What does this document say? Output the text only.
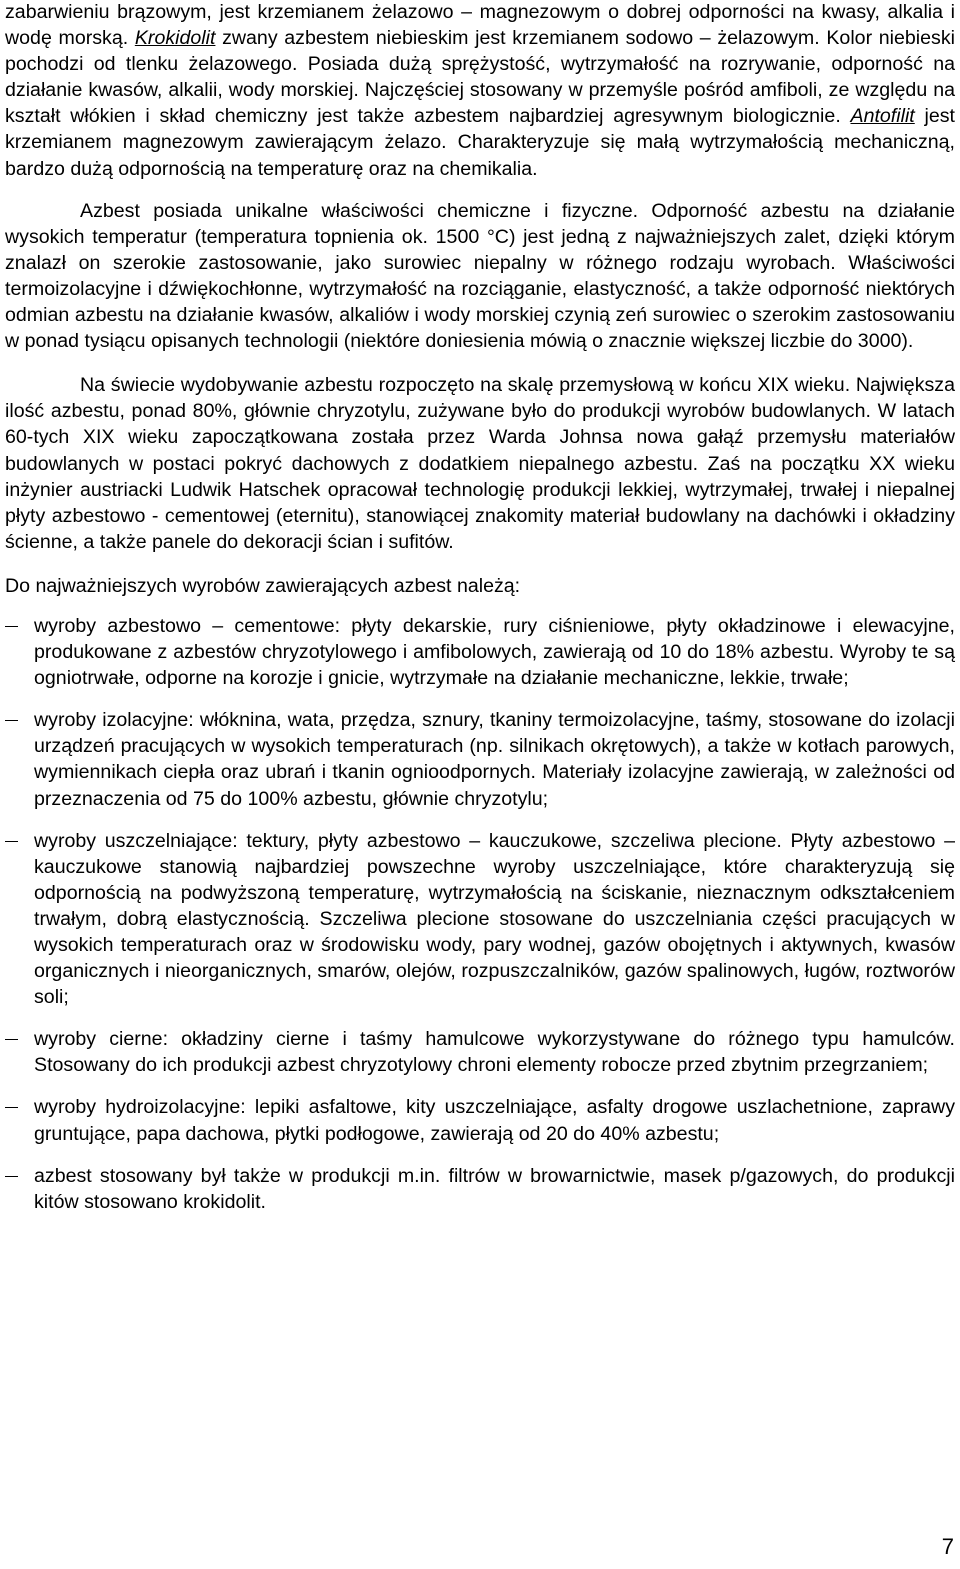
zabarwieniu brązowym, jest krzemianem żelazowo – magnezowym o dobrej odporności na kwasy, alkalia i wodę morską. Krokidolit zwany azbestem niebieskim jest krzemianem sodowo – żelazowym. Kolor niebieski pochodzi od tlenku żelazowego. Posiada dużą sprężystość, wytrzymałość na rozrywanie, odporność na działanie kwasów, alkalii, wody morskiej. Najczęściej stosowany w przemyśle pośród amfiboli, ze względu na kształt włókien i skład chemiczny jest także azbestem najbardziej agresywnym biologicznie. Antofilit jest krzemianem magnezowym zawierającym żelazo. Charakteryzuje się małą wytrzymałością mechaniczną, bardzo dużą odpornością na temperaturę oraz na chemikalia.

Azbest posiada unikalne właściwości chemiczne i fizyczne. Odporność azbestu na działanie wysokich temperatur (temperatura topnienia ok. 1500 °C) jest jedną z najważniejszych zalet, dzięki którym znalazł on szerokie zastosowanie, jako surowiec niepalny w różnego rodzaju wyrobach. Właściwości termoizolacyjne i dźwiękochłonne, wytrzymałość na rozciąganie, elastyczność, a także odporność niektórych odmian azbestu na działanie kwasów, alkaliów i wody morskiej czynią zeń surowiec o szerokim zastosowaniu w ponad tysiącu opisanych technologii (niektóre doniesienia mówią o znacznie większej liczbie do 3000).

Na świecie wydobywanie azbestu rozpoczęto na skalę przemysłową w końcu XIX wieku. Największa ilość azbestu, ponad 80%, głównie chryzotylu, zużywane było do produkcji wyrobów budowlanych. W latach 60-tych XIX wieku zapoczątkowana została przez Warda Johnsa nowa gałąź przemysłu materiałów budowlanych w postaci pokryć dachowych z dodatkiem niepalnego azbestu. Zaś na początku XX wieku inżynier austriacki Ludwik Hatschek opracował technologię produkcji lekkiej, wytrzymałej, trwałej i niepalnej płyty azbestowo - cementowej (eternitu), stanowiącej znakomity materiał budowlany na dachówki i okładziny ścienne, a także panele do dekoracji ścian i sufitów.

Do najważniejszych wyrobów zawierających azbest należą:

wyroby azbestowo – cementowe: płyty dekarskie, rury ciśnieniowe, płyty okładzinowe i elewacyjne, produkowane z azbestów chryzotylowego i amfibolowych, zawierają od 10 do 18% azbestu. Wyroby te są ogniotrwałe, odporne na korozje i gnicie, wytrzymałe na działanie mechaniczne, lekkie, trwałe;
wyroby izolacyjne: włóknina, wata, przędza, sznury, tkaniny termoizolacyjne, taśmy, stosowane do izolacji urządzeń pracujących w wysokich temperaturach (np. silnikach okrętowych), a także w kotłach parowych, wymiennikach ciepła oraz ubrań i tkanin ognioodpornych. Materiały izolacyjne zawierają, w zależności od przeznaczenia od 75 do 100% azbestu, głównie chryzotylu;
wyroby uszczelniające: tektury, płyty azbestowo – kauczukowe, szczeliwa plecione. Płyty azbestowo – kauczukowe stanowią najbardziej powszechne wyroby uszczelniające, które charakteryzują się odpornością na podwyższoną temperaturę, wytrzymałością na ściskanie, nieznacznym odkształceniem trwałym, dobrą elastycznością. Szczeliwa plecione stosowane do uszczelniania części pracujących w wysokich temperaturach oraz w środowisku wody, pary wodnej, gazów obojętnych i aktywnych, kwasów organicznych i nieorganicznych, smarów, olejów, rozpuszczalników, gazów spalinowych, ługów, roztworów soli;
wyroby cierne: okładziny cierne i taśmy hamulcowe wykorzystywane do różnego typu hamulców. Stosowany do ich produkcji azbest chryzotylowy chroni elementy robocze przed zbytnim przegrzaniem;
wyroby hydroizolacyjne: lepiki asfaltowe, kity uszczelniające, asfalty drogowe uszlachetnione, zaprawy gruntujące, papa dachowa, płytki podłogowe, zawierają od 20 do 40% azbestu;
azbest stosowany był także w produkcji m.in. filtrów w browarnictwie, masek p/gazowych, do produkcji kitów stosowano krokidolit.
7
